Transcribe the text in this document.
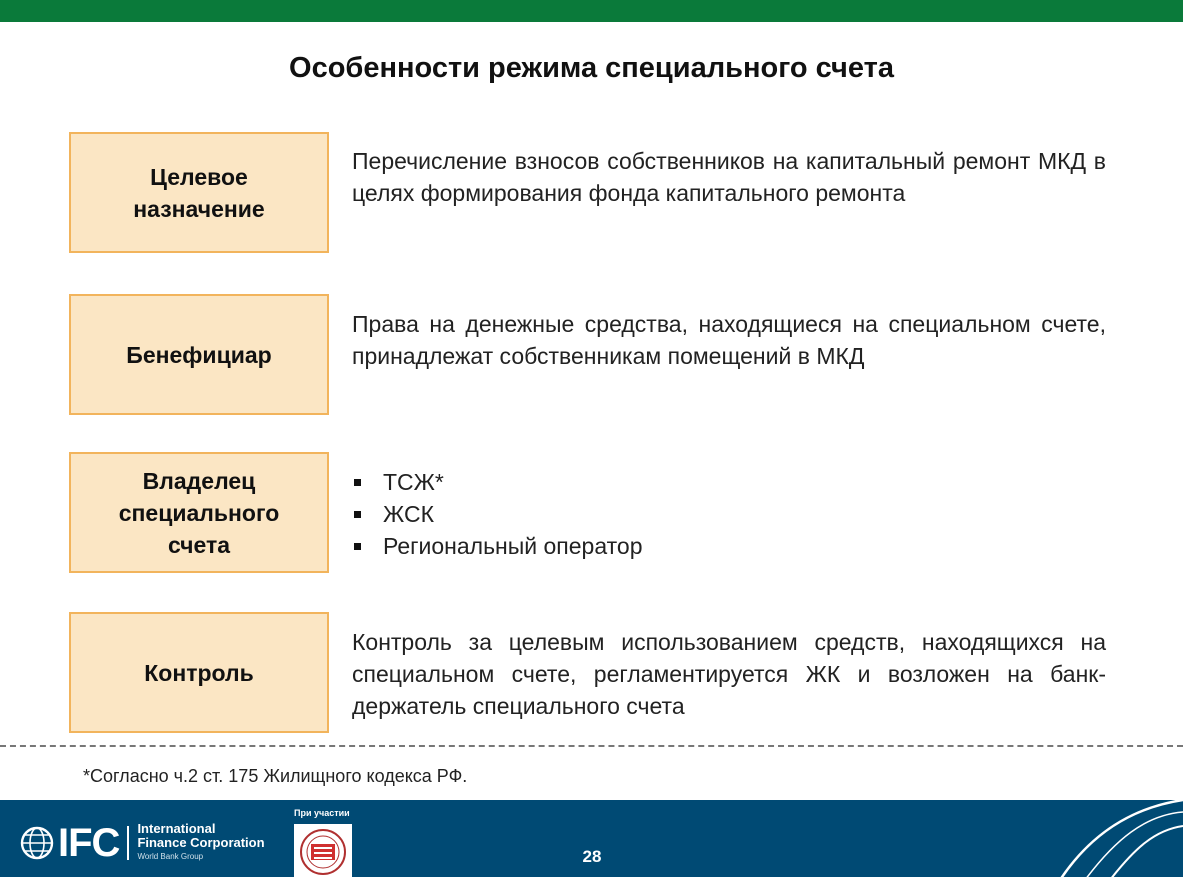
Особенности режима специального счета
Целевое
назначение
Перечисление взносов собственников на капитальный ремонт МКД в целях формирования фонда капитального ремонта
Бенефициар
Права на денежные средства, находящиеся на специальном счете, принадлежат собственникам помещений в МКД
Владелец
специального
счета
ТСЖ*
ЖСК
Региональный оператор
Контроль
Контроль за целевым использованием средств, находящихся на специальном счете, регламентируется ЖК и возложен на банк-держатель специального счета
*Согласно ч.2 ст. 175 Жилищного кодекса РФ.
IFC International
Finance Corporation
World Bank Group
При участии
28
